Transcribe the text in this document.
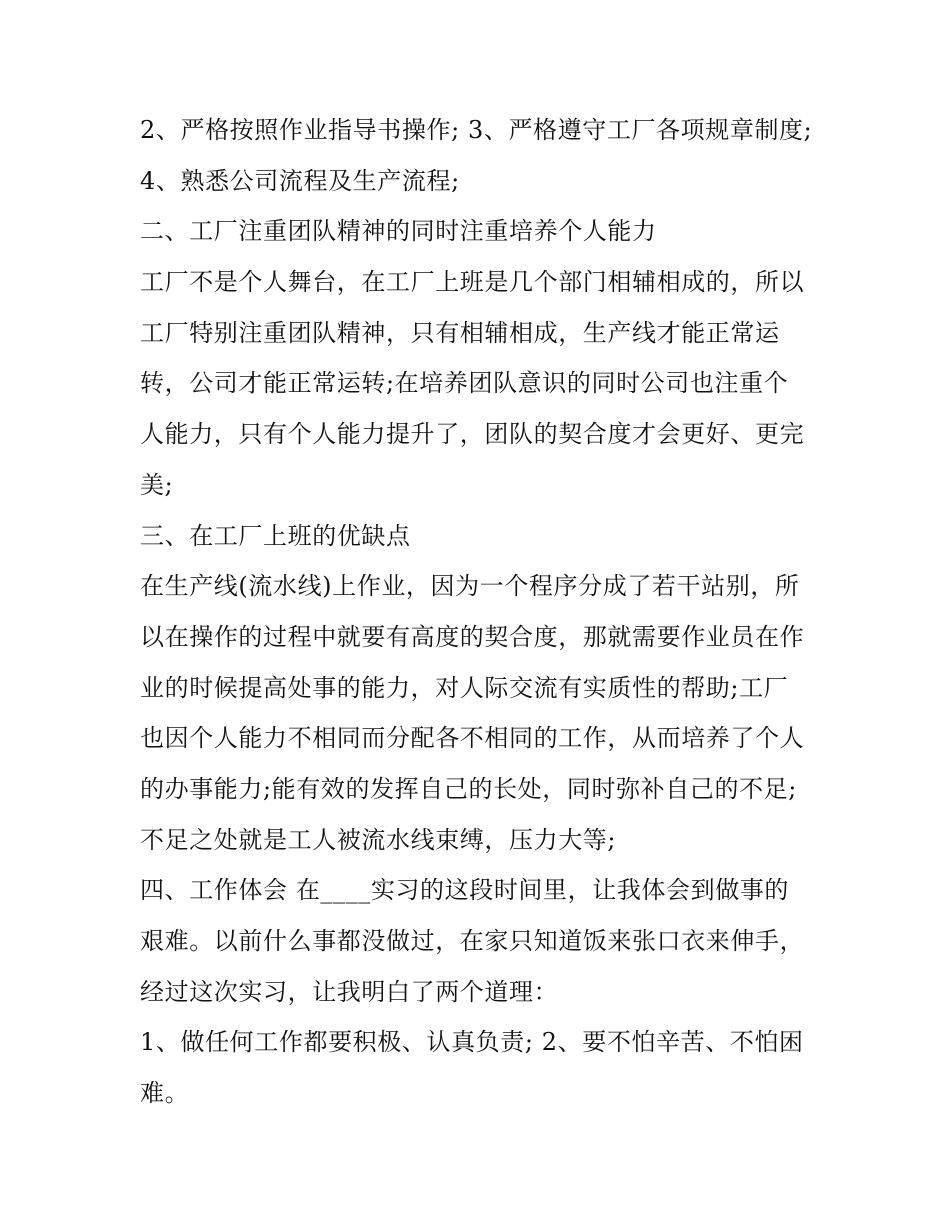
2、严格按照作业指导书操作; 3、严格遵守工厂各项规章制度;
4、熟悉公司流程及生产流程;
二、工厂注重团队精神的同时注重培养个人能力
工厂不是个人舞台，在工厂上班是几个部门相辅相成的，所以
工厂特别注重团队精神，只有相辅相成，生产线才能正常运
转，公司才能正常运转;在培养团队意识的同时公司也注重个
人能力，只有个人能力提升了，团队的契合度才会更好、更完
美;
三、在工厂上班的优缺点
在生产线(流水线)上作业，因为一个程序分成了若干站别，所
以在操作的过程中就要有高度的契合度，那就需要作业员在作
业的时候提高处事的能力，对人际交流有实质性的帮助;工厂
也因个人能力不相同而分配各不相同的工作，从而培养了个人
的办事能力;能有效的发挥自己的长处，同时弥补自己的不足;
不足之处就是工人被流水线束缚，压力大等;
四、工作体会 在____实习的这段时间里，让我体会到做事的
艰难。以前什么事都没做过，在家只知道饭来张口衣来伸手，
经过这次实习，让我明白了两个道理：
1、做任何工作都要积极、认真负责; 2、要不怕辛苦、不怕困
难。
